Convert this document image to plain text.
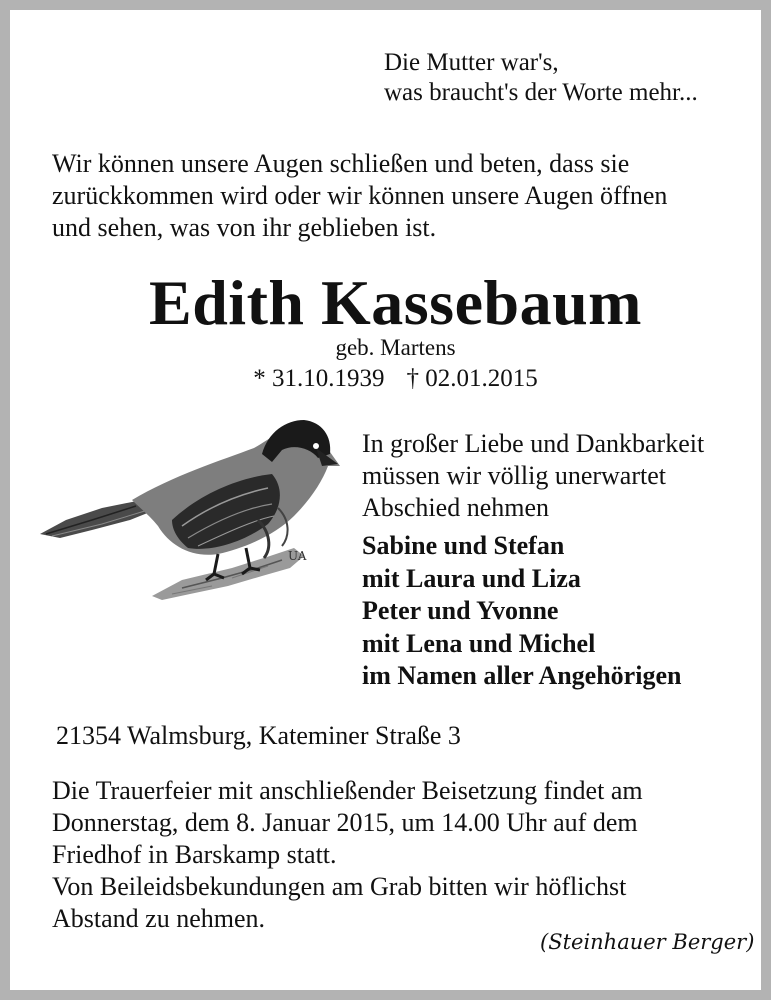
Die Mutter war's,
was braucht's der Worte mehr...
Wir können unsere Augen schließen und beten, dass sie
zurückkommen wird oder wir können unsere Augen öffnen
und sehen, was von ihr geblieben ist.
Edith Kassebaum
geb. Martens
* 31.10.1939 † 02.01.2015
UA
In großer Liebe und Dankbarkeit
müssen wir völlig unerwartet
Abschied nehmen
Sabine und Stefan
mit Laura und Liza
Peter und Yvonne
mit Lena und Michel
im Namen aller Angehörigen
21354 Walmsburg, Kateminer Straße 3
Die Trauerfeier mit anschließender Beisetzung findet am
Donnerstag, dem 8. Januar 2015, um 14.00 Uhr auf dem
Friedhof in Barskamp statt.
Von Beileidsbekundungen am Grab bitten wir höflichst
Abstand zu nehmen.
(Steinhauer Berger)
